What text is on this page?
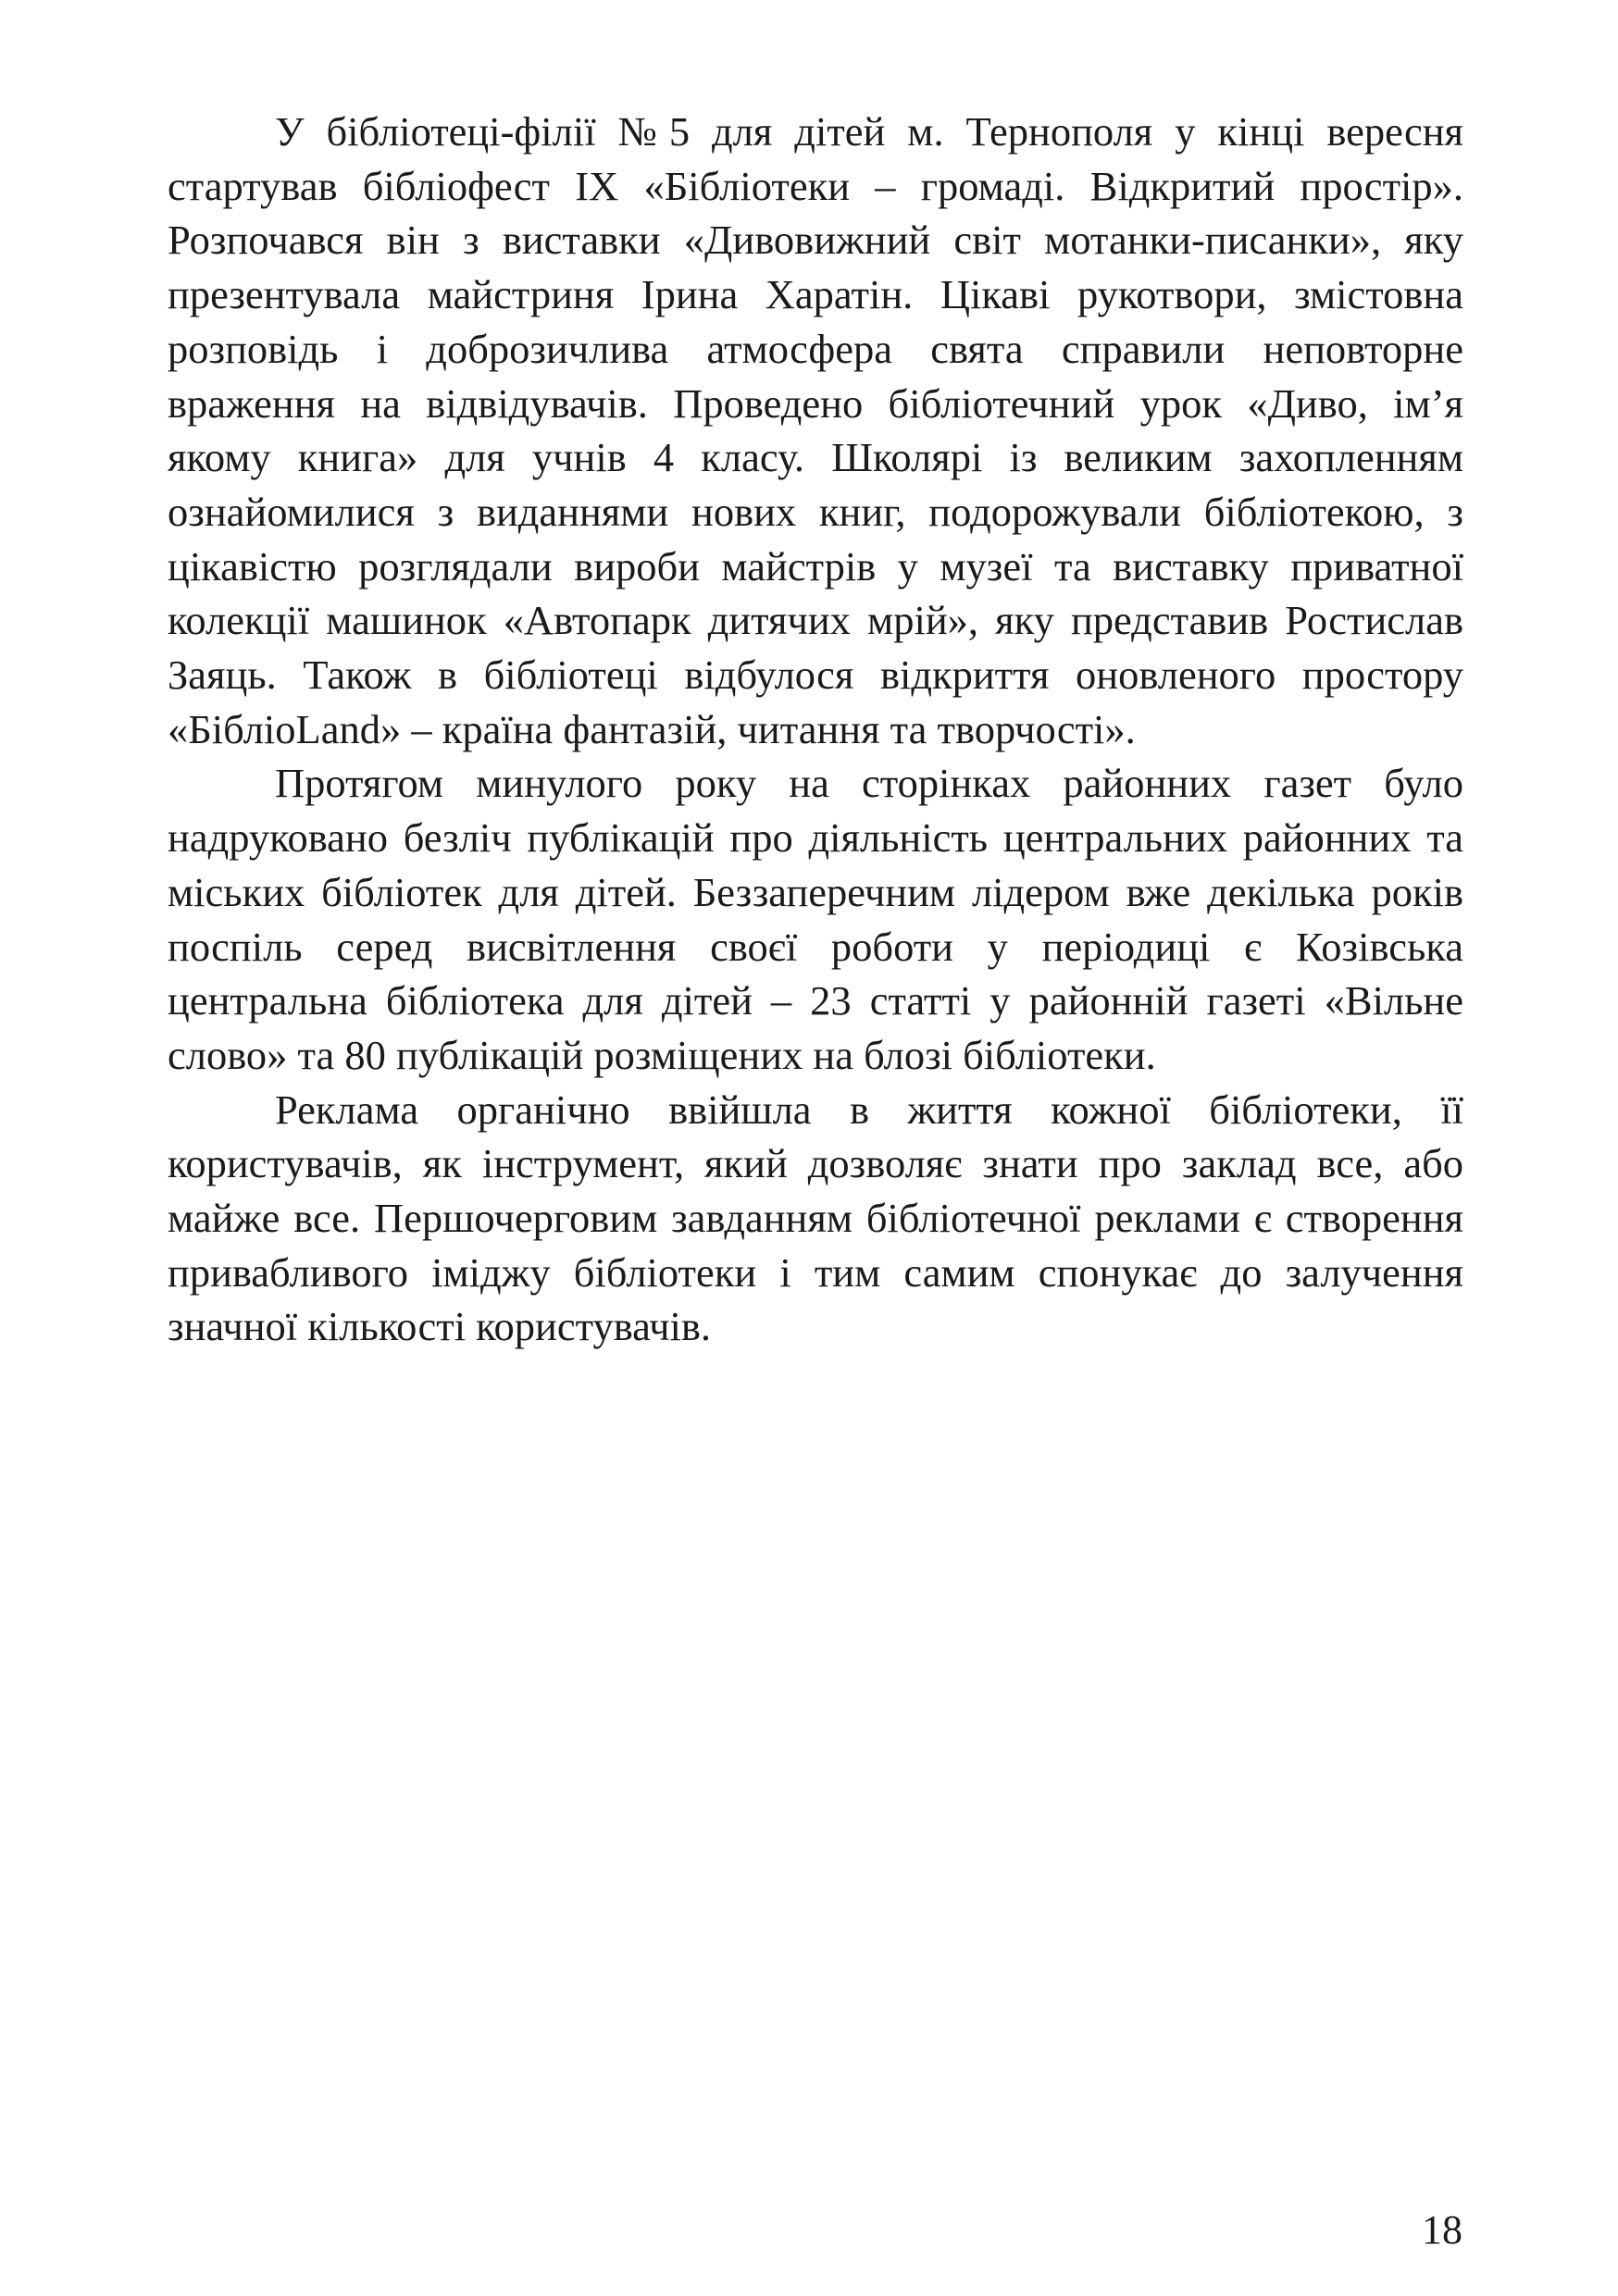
У бібліотеці-філії №5 для дітей м. Тернополя у кінці вересня стартував бібліофест IX «Бібліотеки – громаді. Відкритий простір». Розпочався він з виставки «Дивовижний світ мотанки-писанки», яку презентувала майстриня Ірина Харатін. Цікаві рукотвори, змістовна розповідь і доброзичлива атмосфера свята справили неповторне враження на відвідувачів. Проведено бібліотечний урок «Диво, ім’я якому книга» для учнів 4 класу. Школярі із великим захопленням ознайомилися з виданнями нових книг, подорожували бібліотекою, з цікавістю розглядали вироби майстрів у музеї та виставку приватної колекції машинок «Автопарк дитячих мрій», яку представив Ростислав Заяць. Також в бібліотеці відбулося відкриття оновленого простору «БібліоLand» – країна фантазій, читання та творчості».

Протягом минулого року на сторінках районних газет було надруковано безліч публікацій про діяльність центральних районних та міських бібліотек для дітей. Беззаперечним лідером вже декілька років поспіль серед висвітлення своєї роботи у періодиці є Козівська центральна бібліотека для дітей – 23 статті у районній газеті «Вільне слово» та 80 публікацій розміщених на блозі бібліотеки.

Реклама органічно ввійшла в життя кожної бібліотеки, її користувачів, як інструмент, який дозволяє знати про заклад все, або майже все. Першочерговим завданням бібліотечної реклами є створення привабливого іміджу бібліотеки і тим самим спонукає до залучення значної кількості користувачів.

18
